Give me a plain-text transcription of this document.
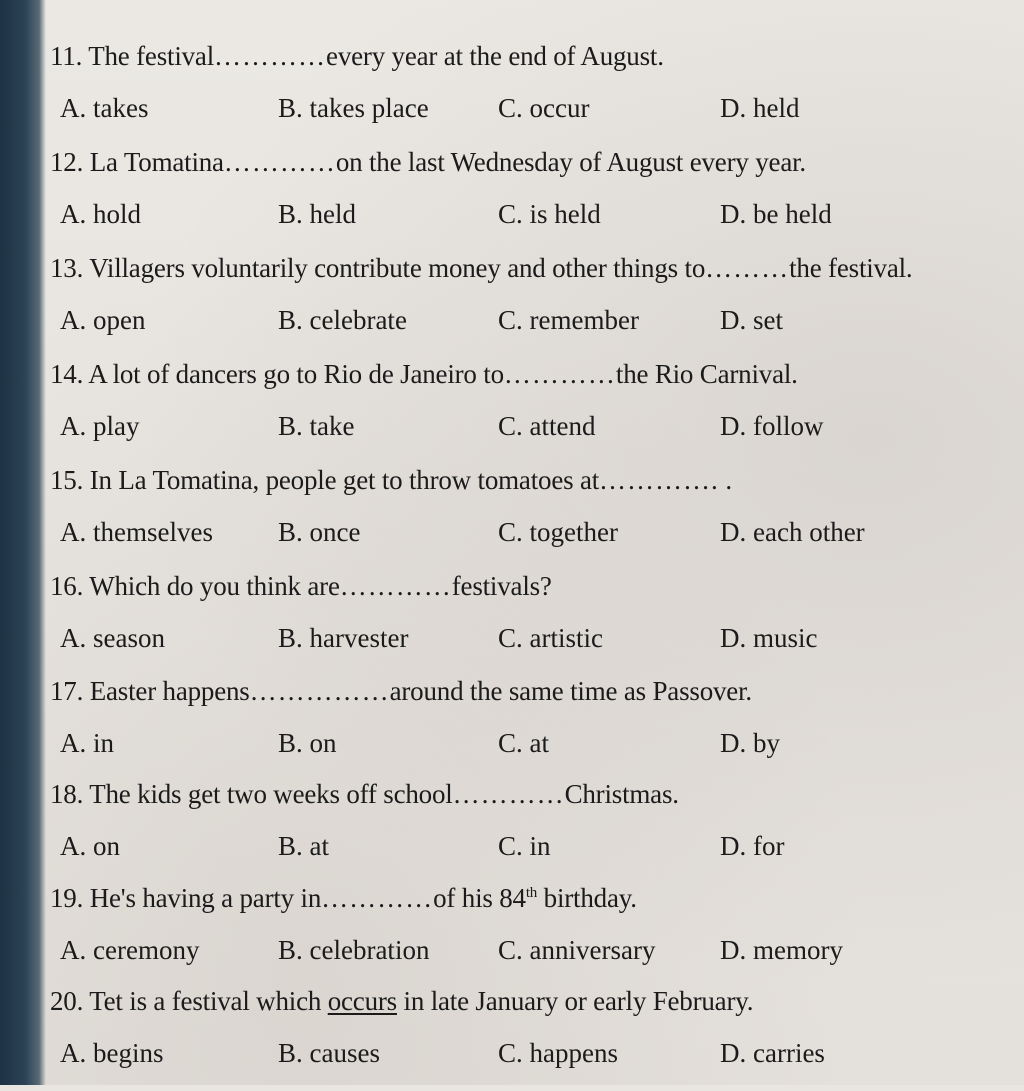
11. The festival…………every year at the end of August.
A. takes	B. takes place	C. occur	D. held
12. La Tomatina…………on the last Wednesday of August every year.
A. hold	B. held	C. is held	D. be held
13. Villagers voluntarily contribute money and other things to………the festival.
A. open	B. celebrate	C. remember	D. set
14. A lot of dancers go to Rio de Janeiro to…………the Rio Carnival.
A. play	B. take	C. attend	D. follow
15. In La Tomatina, people get to throw tomatoes at…………. .
A. themselves B. once	C. together	D. each other
16. Which do you think are…………festivals?
A. season	B. harvester	C. artistic	D. music
17. Easter happens……………around the same time as Passover.
A. in	B. on	C. at	D. by
18. The kids get two weeks off school…………Christmas.
A. on	B. at	C. in	D. for
19. He's having a party in…………of his 84th birthday.
A. ceremony	B. celebration	C. anniversary D. memory
20. Tet is a festival which occurs in late January or early February.
A. begins	B. causes	C. happens	D. carries
